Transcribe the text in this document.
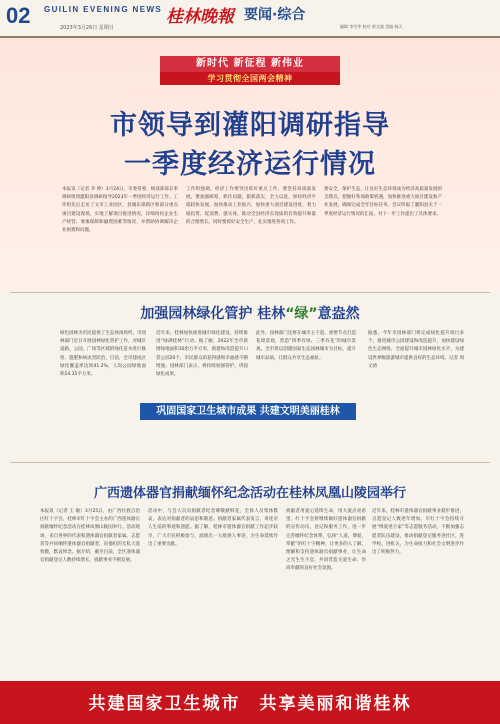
02 GUILIN EVENING NEWS
2023年3月26日 星期日
桂林晚報 要闻·综合
编辑 李雪华 校对 黄文超 美编 杨天
新时代 新征程 新伟业
学习贯彻全国两会精神
市领导到灌阳调研指导
一季度经济运行情况
本报讯（记者 李 坤）3月24日，市委常委、统战部部长率调研组到灌阳县调研指导2023年一季度经济运行工作。工作组先后走访了文市工业园区，县城东部新区和部分重点项目建设现场，实地了解项目推进情况，详细询问企业生产经营、要素保障和融资困难等情况，并帮助协调解决企业困难和问题。
工作组强调，经济工作要突出抓好重点工作，要坚持高质量发展。要加强统筹，抓住问题，狠抓落实，全力以赴，保持经济平稳较快发展，加快推动工业振兴，加快重大项目建设进度，着力稳投资、促消费、强实体，推动全县经济实现质的有效提升和量的合理增长。同时要抓好安全生产，扎实推进各项工作。
要安全，保护生态，让良好生态环境成为经济高质量发展的支撑点。把握好各项政策机遇，加快推进重大项目建设和产业发展，确保完成全年目标任务。会议听取了灌阳县关于一季度经济运行情况的汇报，对下一步工作提出了具体要求。
加强园林绿化管护 桂林“绿”意盎然
绿色园林为市民提供了生态休闲场所。市园林部门近日开展园林绿化管护工作，对城区道路、公园、广场等区域的绿化苗木进行修剪、施肥和病虫害防治。目前，全市建成区绿化覆盖率达到41.2%，人均公园绿地面积14.35平方米。
近年来，桂林加快推进城市绿化建设，持续推进“绿满桂林”行动。据了解，2022年全市新增绿地面积30余万平方米，新建和改造提升口袋公园20个，市民群众的获得感和幸福感不断增强。园林部门表示，将持续加强管护，巩固绿化成果。
此外，园林部门还将在城市主干道、重要节点打造花境景观，营造“四季有绿、三季有花”的城市景观。全市将以创建国家生态园林城市为目标，提升城市品质，让群众共享生态福祉。
据悉，今年市园林部门将完成绿化提升项目多个，推进城市公园建设和改造提升，加快建设绿色生态网络，全面提升城市园林绿化水平，为建设世界级旅游城市提供良好的生态环境。记者 周文倩
巩固国家卫生城市成果 共建文明美丽桂林
广西遗体器官捐献缅怀纪念活动在桂林凤凰山陵园举行
本报讯（记者 王 敏）3月25日，由广西壮族自治区红十字会、桂林市红十字会主办的广西遗体器官捐献缅怀纪念活动在桂林凤凰山陵园举行。活动现场，来自各界的代表和遗体器官捐献者家属、志愿者等共同缅怀遗体器官捐献者，向他们的无私大爱致敬，默哀悼念。据介绍，截至目前，全区遗体器官捐献登记人数持续增长，捐献事业不断发展。
活动中，与会人员向捐献者纪念碑敬献鲜花，全体人员集体默哀，表达对捐献者的哀思和敬意。捐献者家属代表发言，讲述亲人生前的事迹和遗愿。据了解，桂林市遗体器官捐献工作起步较早，广大市民积极参与，涌现出一大批感人事迹，为生命延续作出了重要贡献。
捐献者用爱心延续生命，用大爱点亮希望。红十字会将继续做好遗体器官捐献的宣传动员、登记和服务工作，进一步完善缅怀纪念体系，弘扬“人道、博爱、奉献”的红十字精神，让更多的人了解、理解和支持遗体器官捐献事业，让生命之光生生不息，共同营造关爱生命、崇尚奉献的良好社会氛围。
近年来，桂林市遗体器官捐献事业稳步推进，自愿登记人数逐年增加。市红十字会持续开展“博爱进万家”等志愿服务活动，不断加强志愿者队伍建设，推动捐献登记服务进社区、进学校、进机关，为生命接力和社会文明进步作出了积极努力。
共建国家卫生城市　共享美丽和谐桂林
